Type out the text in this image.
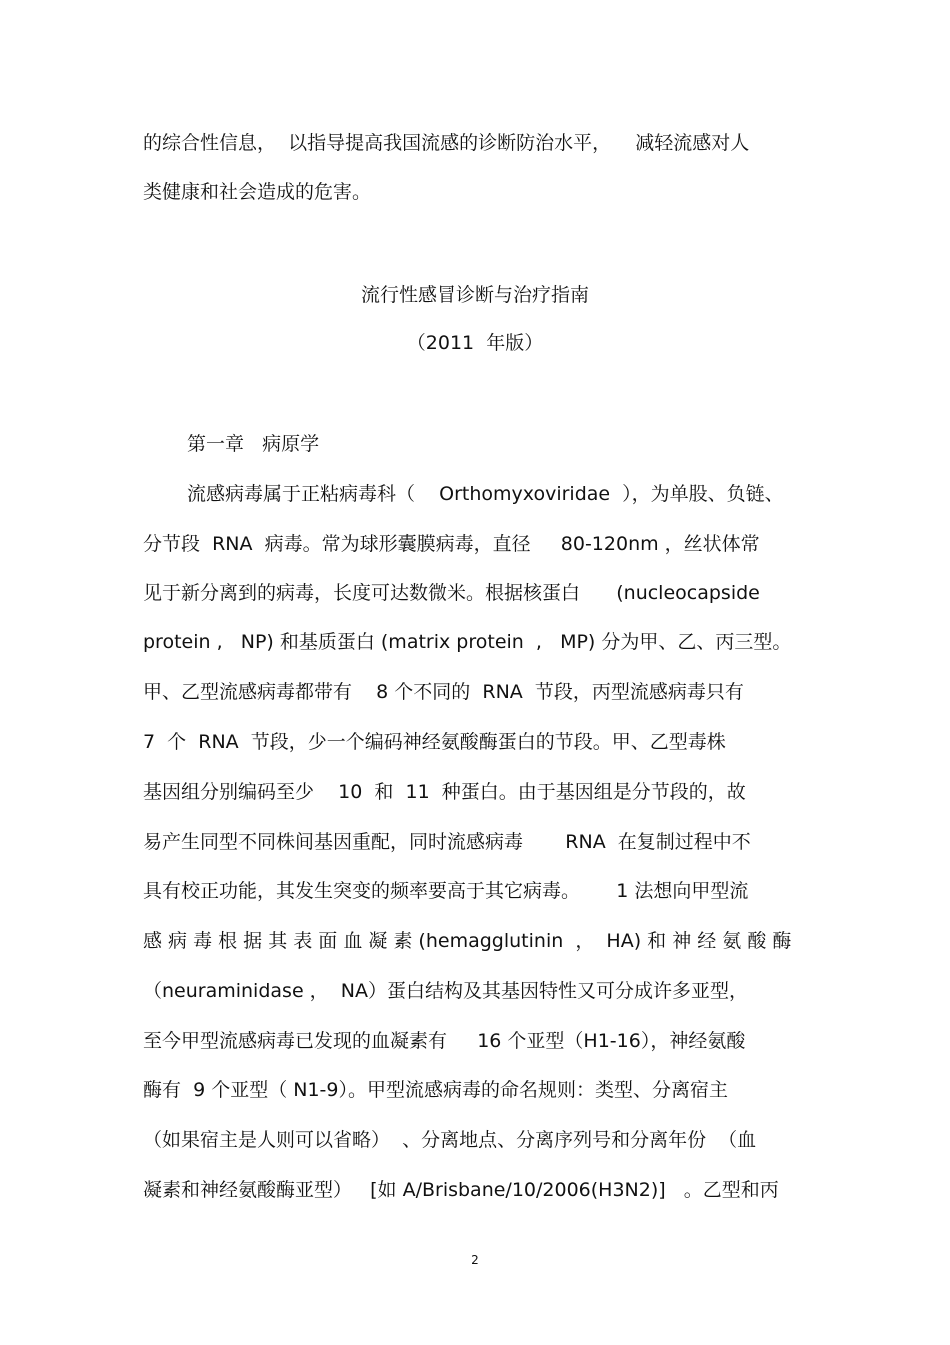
的综合性信息，  以指导提高我国流感的诊断防治水平，    减轻流感对人
类健康和社会造成的危害。
流行性感冒诊断与治疗指南
（2011  年版）
第一章   病原学
流感病毒属于正粘病毒科（    Orthomyxoviridae  ），为单股、负链、
分节段  RNA  病毒。常为球形囊膜病毒，直径     80-120nm ，丝状体常
见于新分离到的病毒，长度可达数微米。根据核蛋白      (nucleocapside
protein ,   NP) 和基质蛋白 (matrix protein  ,   MP) 分为甲、乙、丙三型。
甲、乙型流感病毒都带有    8 个不同的  RNA  节段，丙型流感病毒只有
7  个  RNA  节段，少一个编码神经氨酸酶蛋白的节段。甲、乙型毒株
基因组分别编码至少    10  和  11  种蛋白。由于基因组是分节段的，故
易产生同型不同株间基因重配，同时流感病毒       RNA  在复制过程中不
具有校正功能，其发生突变的频率要高于其它病毒。      1 法想向甲型流
感 病 毒 根 据 其 表 面 血 凝 素 (hemagglutinin  ，  HA) 和 神 经 氨 酸 酶
（neuraminidase ，  NA）蛋白结构及其基因特性又可分成许多亚型，
至今甲型流感病毒已发现的血凝素有     16 个亚型（H1-16），神经氨酸
酶有  9 个亚型（ N1-9）。甲型流感病毒的命名规则：类型、分离宿主
（如果宿主是人则可以省略）  、分离地点、分离序列号和分离年份  （血
凝素和神经氨酸酶亚型）   [如 A/Brisbane/10/2006(H3N2)]   。乙型和丙
2
